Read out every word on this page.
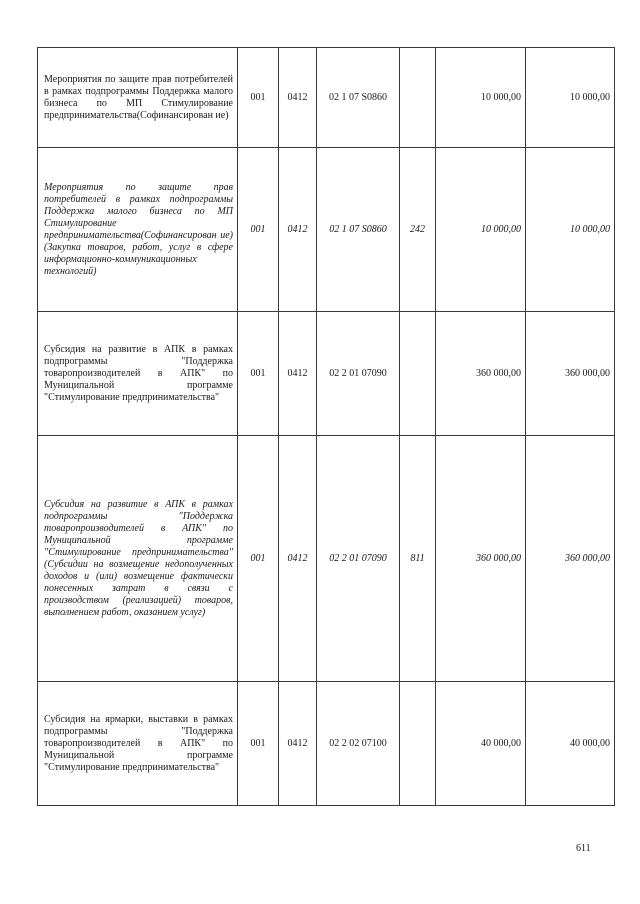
Мероприятия по защите прав потребителей в рамках подпрограммы Поддержка малого бизнеса по МП Стимулирование предпринимательства(Софинансирован ие)	001	0412	02 1 07 S0860		10 000,00	10 000,00
Мероприятия по защите прав потребителей в рамках подпрограммы Поддержка малого бизнеса по МП Стимулирование предпринимательства(Софинансирован ие) (Закупка товаров, работ, услуг в сфере информационно-коммуникационных технологий)	001	0412	02 1 07 S0860	242	10 000,00	10 000,00
Субсидия на развитие в АПК в рамках подпрограммы "Поддержка товаропроизводителей в АПК" по Муниципальной программе "Стимулирование предпринимательства"	001	0412	02 2 01 07090		360 000,00	360 000,00
Субсидия на развитие в АПК в рамках подпрограммы "Поддержка товаропроизводителей в АПК" по Муниципальной программе "Стимулирование предпринимательства" (Субсидии на возмещение недополученных доходов и (или) возмещение фактически понесенных затрат в связи с производством (реализацией) товаров, выполнением работ, оказанием услуг)	001	0412	02 2 01 07090	811	360 000,00	360 000,00
Субсидия на ярмарки, выставки в рамках подпрограммы "Поддержка товаропроизводителей в АПК" по Муниципальной программе "Стимулирование предпринимательства"	001	0412	02 2 02 07100		40 000,00	40 000,00
611
